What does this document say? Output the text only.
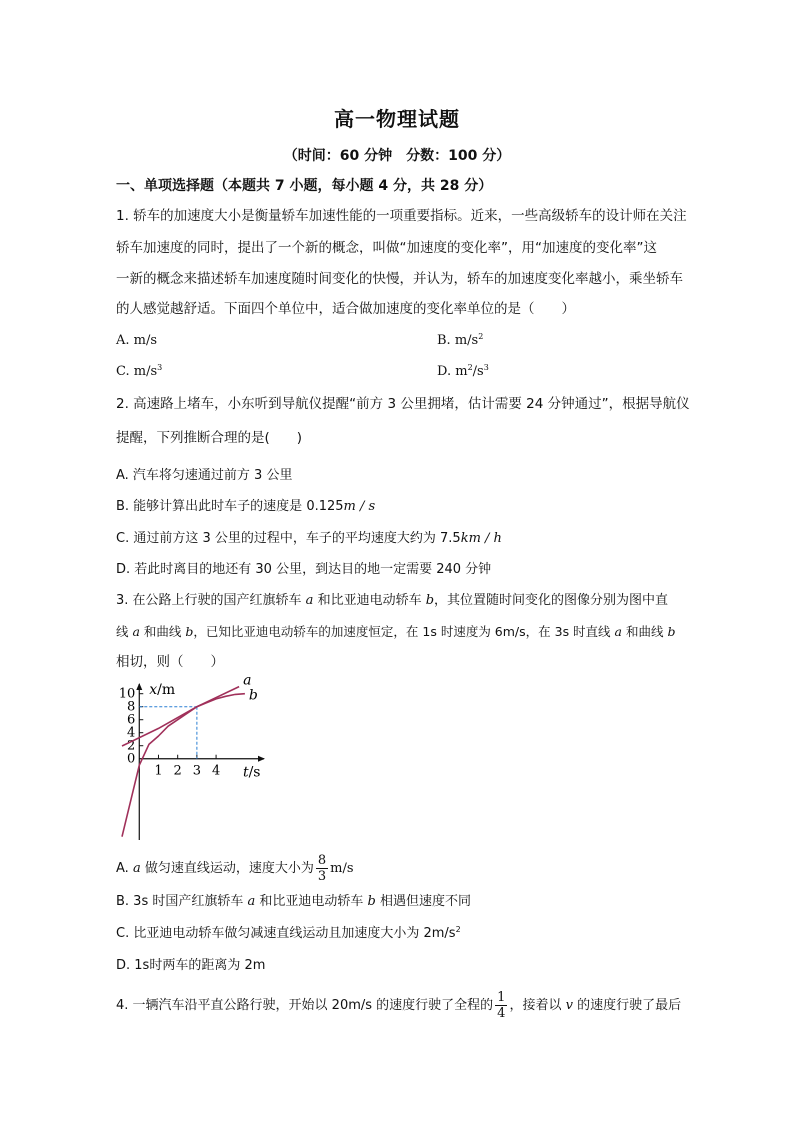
高一物理试题
（时间：60 分钟　分数：100 分）
一、单项选择题（本题共 7 小题，每小题 4 分，共 28 分）
1. 轿车的加速度大小是衡量轿车加速性能的一项重要指标。近来，一些高级轿车的设计师在关注
轿车加速度的同时，提出了一个新的概念，叫做“加速度的变化率”，用“加速度的变化率”这
一新的概念来描述轿车加速度随时间变化的快慢，并认为，轿车的加速度变化率越小，乘坐轿车
的人感觉越舒适。下面四个单位中，适合做加速度的变化率单位的是（　　）
A. m/s	B. $m/s^2$
C. $m/s^3$	D. $m^2/s^3$
2. 高速路上堵车，小东听到导航仪提醒“前方 3 公里拥堵，估计需要 24 分钟通过”，根据导航仪
提醒，下列推断合理的是(　　)
A. 汽车将匀速通过前方 3 公里
B. 能够计算出此时车子的速度是 0.125m / s
C. 通过前方这 3 公里的过程中，车子的平均速度大约为 7.5km / h
D. 若此时离目的地还有 30 公里，到达目的地一定需要 240 分钟
3. 在公路上行驶的国产红旗轿车 a 和比亚迪电动轿车 b，其位置随时间变化的图像分别为图中直
线 a 和曲线 b，已知比亚迪电动轿车的加速度恒定，在 1s 时速度为 6m/s，在 3s 时直线 a 和曲线 b
相切，则（　　）
0
2
4
6
8
10
1 2 3 4
a
b
x/m
t/s
A. a 做匀速直线运动，速度大小为 $\frac{8}{3} m/s$
B. 3s 时国产红旗轿车 a 和比亚迪电动轿车 b 相遇但速度不同
C. 比亚迪电动轿车做匀减速直线运动且加速度大小为 $2m/s^2$
D. 1s时两车的距离为 2m
4. 一辆汽车沿平直公路行驶，开始以 20m/s 的速度行驶了全程的 $\frac{1}{4}$ ，接着以 v 的速度行驶了最后
